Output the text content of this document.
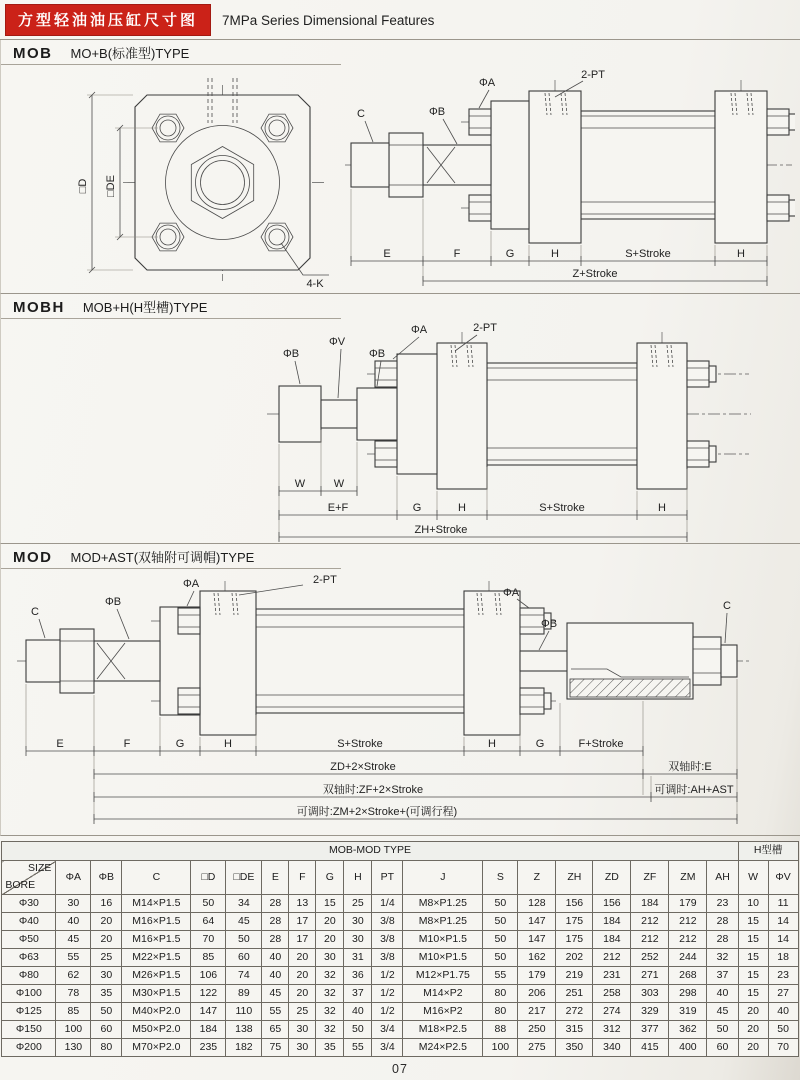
方型轻油油压缸尺寸图	7MPa Series Dimensional Features
MOB MO+B(标准型)TYPE
□D □DE
4-K
C	ΦB
ΦA
2-PT
E	F	G	H	S+Stroke	H
Z+Stroke
MOBH MOB+H(H型槽)TYPE
ΦB
ΦV
ΦB
ΦA	2-PT
W	W
E+F	G	H	S+Stroke	H
ZH+Stroke
MOD MOD+AST(双轴附可调帽)TYPE
C
ΦB
ΦA	2-PT
ΦA
ΦB
C
E	F	G	H	S+Stroke	H	G	F+Stroke
ZD+2×Stroke	双轴时:E
双轴时:ZF+2×Stroke	可调时:AH+AST
可调时:ZM+2×Stroke+(可调行程)
MOB-MOD TYPE																			H型槽	

SIZE
BORE	ΦA	ΦB	C	□D	□DE	E	F	G	H	PT	J	S	Z	ZH	ZD	ZF	ZM	AH	W	ΦV
Φ30	30	16	M14×P1.5	50	34	28	13	15	25	1/4	M8×P1.25	50	128	156	156	184	179	23	10	11
Φ40	40	20	M16×P1.5	64	45	28	17	20	30	3/8	M8×P1.25	50	147	175	184	212	212	28	15	14
Φ50	45	20	M16×P1.5	70	50	28	17	20	30	3/8	M10×P1.5	50	147	175	184	212	212	28	15	14
Φ63	55	25	M22×P1.5	85	60	40	20	30	31	3/8	M10×P1.5	50	162	202	212	252	244	32	15	18
Φ80	62	30	M26×P1.5	106	74	40	20	32	36	1/2	M12×P1.75	55	179	219	231	271	268	37	15	23
Φ100	78	35	M30×P1.5	122	89	45	20	32	37	1/2	M14×P2	80	206	251	258	303	298	40	15	27
Φ125	85	50	M40×P2.0	147	110	55	25	32	40	1/2	M16×P2	80	217	272	274	329	319	45	20	40
Φ150	100	60	M50×P2.0	184	138	65	30	32	50	3/4	M18×P2.5	88	250	315	312	377	362	50	20	50
Φ200	130	80	M70×P2.0	235	182	75	30	35	55	3/4	M24×P2.5	100	275	350	340	415	400	60	20	70
07
